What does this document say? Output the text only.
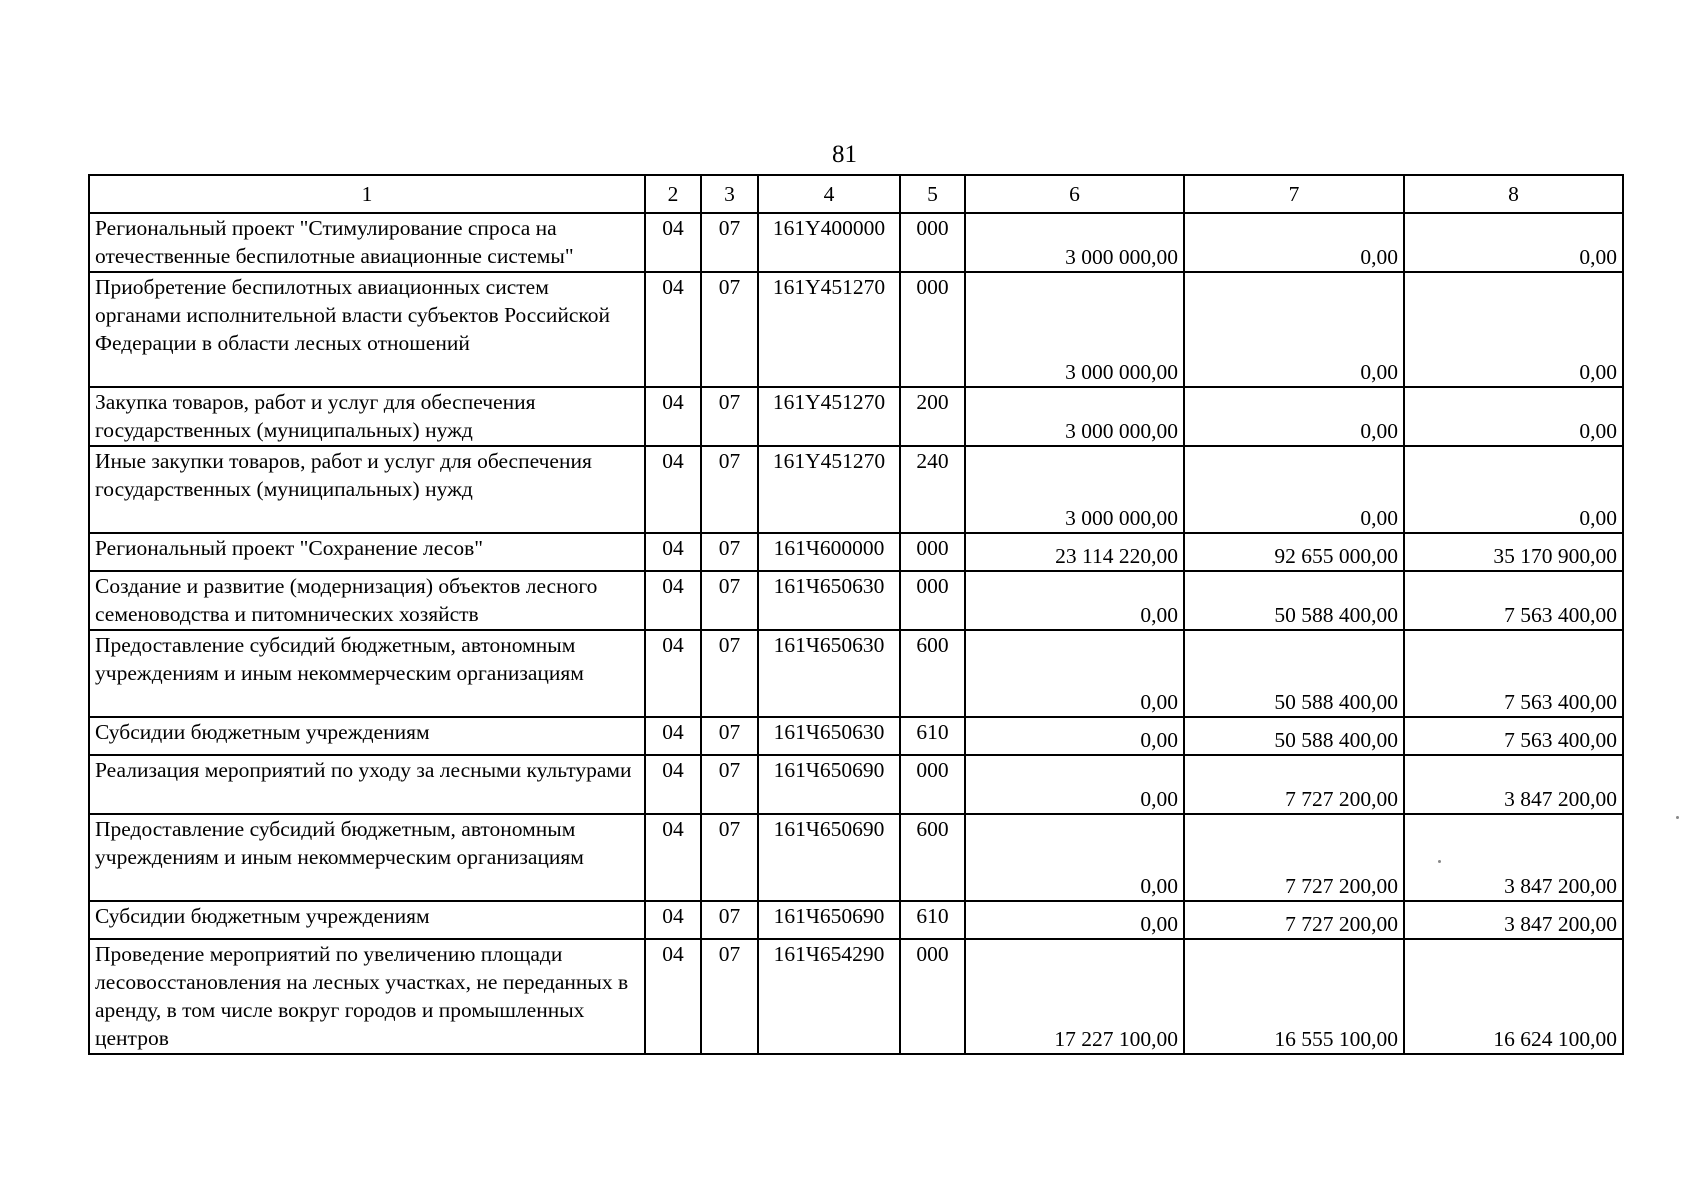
81
1	2	3	4	5	6	7	8
Региональный проект "Стимулирование спроса на отечественные беспилотные авиационные системы"	04	07	161Y400000	000	3 000 000,00	0,00	0,00
Приобретение беспилотных авиационных систем органами исполнительной власти субъектов Российской Федерации в области лесных отношений	04	07	161Y451270	000	3 000 000,00	0,00	0,00
Закупка товаров, работ и услуг для обеспечения государственных (муниципальных) нужд	04	07	161Y451270	200	3 000 000,00	0,00	0,00
Иные закупки товаров, работ и услуг для обеспечения государственных (муниципальных) нужд	04	07	161Y451270	240	3 000 000,00	0,00	0,00
Региональный проект "Сохранение лесов"	04	07	161Ч600000	000	23 114 220,00	92 655 000,00	35 170 900,00
Создание и развитие (модернизация) объектов лесного семеноводства и питомнических хозяйств	04	07	161Ч650630	000	0,00	50 588 400,00	7 563 400,00
Предоставление субсидий бюджетным, автономным учреждениям и иным некоммерческим организациям	04	07	161Ч650630	600	0,00	50 588 400,00	7 563 400,00
Субсидии бюджетным учреждениям	04	07	161Ч650630	610	0,00	50 588 400,00	7 563 400,00
Реализация мероприятий по уходу за лесными культурами	04	07	161Ч650690	000	0,00	7 727 200,00	3 847 200,00
Предоставление субсидий бюджетным, автономным учреждениям и иным некоммерческим организациям	04	07	161Ч650690	600	0,00	7 727 200,00	3 847 200,00
Субсидии бюджетным учреждениям	04	07	161Ч650690	610	0,00	7 727 200,00	3 847 200,00
Проведение мероприятий по увеличению площади лесовосстановления на лесных участках, не переданных в аренду, в том числе вокруг городов и промышленных центров	04	07	161Ч654290	000	17 227 100,00	16 555 100,00	16 624 100,00
